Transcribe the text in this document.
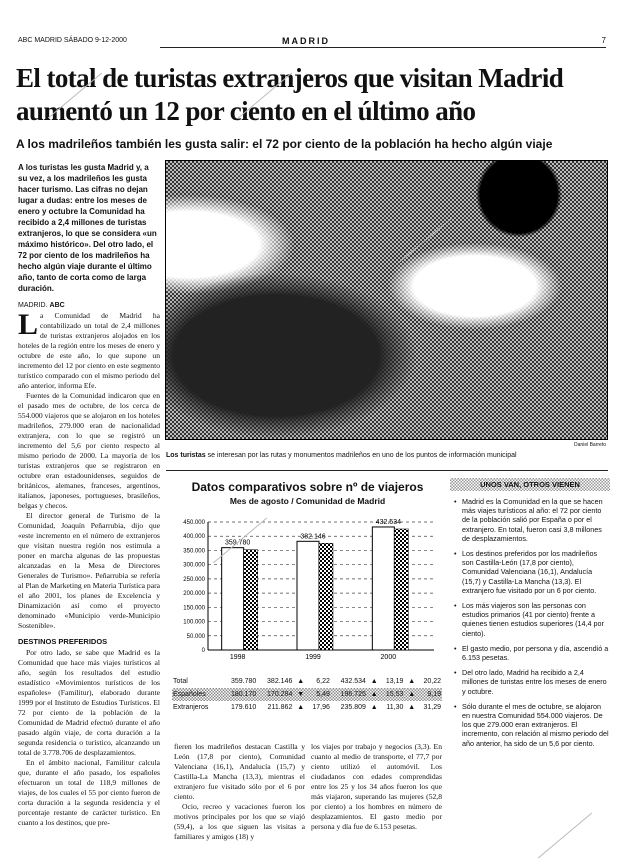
ABC MADRID SÁBADO 9-12-2000	MADRID	7
El total de turistas extranjeros que visitan Madrid aumentó un 12 por ciento en el último año
A los madrileños también les gusta salir: el 72 por ciento de la población ha hecho algún viaje
A los turistas les gusta Madrid y, a su vez, a los madrileños les gusta hacer turismo. Las cifras no dejan lugar a dudas: entre los meses de enero y octubre la Comunidad ha recibido a 2,4 millones de turistas extranjeros, lo que se considera «un máximo histórico». Del otro lado, el 72 por ciento de los madrileños ha hecho algún viaje durante el último año, tanto de corta como de larga duración.
MADRID. ABC
L a Comunidad de Madrid ha contabilizado un total de 2,4 millones de turistas extranjeros alojados en los hoteles de la región entre los meses de enero y octubre de este año, lo que supone un incremento del 12 por ciento en este segmento turístico comparado con el mismo periodo del año anterior, informa Efe.

Fuentes de la Comunidad indicaron que en el pasado mes de octubre, de los cerca de 554.000 viajeros que se alojaron en los hoteles madrileños, 279.000 eran de nacionalidad extranjera, con lo que se registró un incremento del 5,6 por ciento respecto al mismo periodo de 2000. La mayoría de los turistas extranjeros que se registraron en octubre eran estadounidenses, seguidos de británicos, alemanes, franceses, argentinos, italianos, japoneses, portugueses, brasileños, belgas y checos.

El director general de Turismo de la Comunidad, Joaquín Peñarrubia, dijo que «este incremento en el número de extranjeros que visitan nuestra región nos estimula a poner en marcha algunas de las propuestas alcanzadas en la Mesa de Directores Generales de Turismo». Peñarrubia se refería al Plan de Marketing en Materia Turística para el año 2001, los planes de Excelencia y Dinamización así como el proyecto denominado «Municipio verde-Municipio Sostenible».

DESTINOS PREFERIDOS

Por otro lado, se sabe que Madrid es la Comunidad que hace más viajes turísticos al año, según los resultados del estudio estadístico «Movimientos turísticos de los españoles» (Familitur), elaborado durante 1999 por el Instituto de Estudios Turísticos. El 72 por ciento de la población de la Comunidad de Madrid efectuó durante el año pasado algún viaje, de corta duración a la segunda residencia o turístico, alcanzando un total de 3.778.706 de desplazamientos.

En el ámbito nacional, Familitur calcula que, durante el año pasado, los españoles efectuaron un total de 118,9 millones de viajes, de los cuales el 55 por ciento fueron de corta duración a la segunda residencia y el porcentaje restante de carácter turístico. En cuanto a los destinos, que pre-

Daniel Barreto
Los turistas se interesan por las rutas y monumentos madrileños en uno de los puntos de información municipal
Datos comparativos sobre nº de viajeros
Mes de agosto / Comunidad de Madrid
0
50.000
100.000
150.000
200.000
250.000
300.000
350.000
400.000
450.000
359.780
1998
382.146
1999
432.534
2000
Total	359.780	382.146	▲	6,22	432.534	▲	13,19	▲	20,22
Españoles	180.170	170.284	▼	5,49	196.725	▲	15,53	▲	9,19
Extranjeros	179.610	211.862	▲	17,96	235.809	▲	11,30	▲	31,29

fieren los madrileños destacan Castilla y León (17,8 por ciento), Comunidad Valenciana (16,1), Andalucía (15,7) y Castilla-La Mancha (13,3), mientras el extranjero fue visitado sólo por el 6 por ciento.

Ocio, recreo y vacaciones fueron los motivos principales por los que se viajó (59,4), a los que siguen las visitas a familiares y amigos (18) y

los viajes por trabajo y negocios (3,3). En cuanto al medio de transporte, el 77,7 por ciento utilizó el automóvil. Los ciudadanos con edades comprendidas entre los 25 y los 34 años fueron los que más viajaron, superando las mujeres (52,8 por ciento) a los hombres en número de desplazamientos. El gasto medio por persona y día fue de 6.153 pesetas.

UNOS VAN, OTROS VIENEN
• Madrid es la Comunidad en la que se hacen más viajes turísticos al año: el 72 por ciento de la población salió por España o por el extranjero. En total, fueron casi 3,8 millones de desplazamientos.
• Los destinos preferidos por los madrileños son Castilla-León (17,8 por ciento), Comunidad Valenciana (16,1), Andalucía (15,7) y Castilla-La Mancha (13,3). El extranjero fue visitado por un 6 por ciento.
• Los más viajeros son las personas con estudios primarios (41 por ciento) frente a quienes tienen estudios superiores (14,4 por ciento).
• El gasto medio, por persona y día, ascendió a 6.153 pesetas.
• Del otro lado, Madrid ha recibido a 2,4 millones de turistas entre los meses de enero y octubre.
• Sólo durante el mes de octubre, se alojaron en nuestra Comunidad 554.000 viajeros. De los que 279.000 eran extranjeros. El incremento, con relación al mismo periodo del año anterior, ha sido de un 5,6 por ciento.
